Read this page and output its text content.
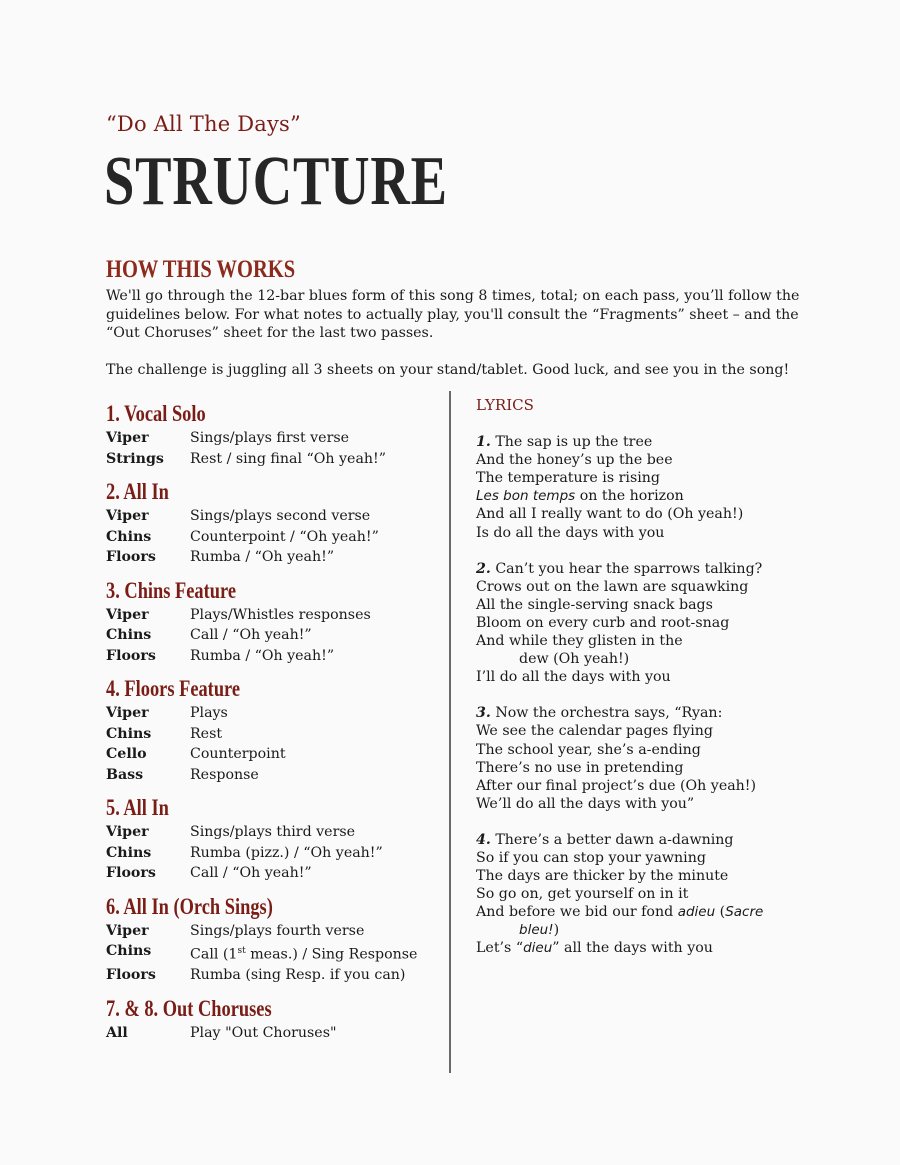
“Do All The Days”
STRUCTURE
HOW THIS WORKS

We'll go through the 12-bar blues form of this song 8 times, total; on each pass, you’ll follow the guidelines below. For what notes to actually play, you'll consult the “Fragments” sheet – and the “Out Choruses” sheet for the last two passes.

The challenge is juggling all 3 sheets on your stand/tablet. Good luck, and see you in the song!

1. Vocal Solo
Viper	Sings/plays first verse
Strings	Rest / sing final “Oh yeah!”
2. All In
Viper	Sings/plays second verse
Chins	Counterpoint / “Oh yeah!”
Floors	Rumba / “Oh yeah!”
3. Chins Feature
Viper	Plays/Whistles responses
Chins	Call / “Oh yeah!”
Floors	Rumba / “Oh yeah!”
4. Floors Feature
Viper	Plays
Chins	Rest
Cello	Counterpoint
Bass	Response
5. All In
Viper	Sings/plays third verse
Chins	Rumba (pizz.) / “Oh yeah!”
Floors	Call / “Oh yeah!”
6. All In (Orch Sings)
Viper	Sings/plays fourth verse
Chins	Call (1st meas.) / Sing Response
Floors	Rumba (sing Resp. if you can)
7. & 8. Out Choruses
All	Play "Out Choruses"
LYRICS
1. The sap is up the tree
And the honey’s up the bee
The temperature is rising
Les bon temps on the horizon
And all I really want to do (Oh yeah!)
Is do all the days with you
2. Can’t you hear the sparrows talking?
Crows out on the lawn are squawking
All the single-serving snack bags
Bloom on every curb and root-snag
And while they glisten in the
dew (Oh yeah!)
I’ll do all the days with you
3. Now the orchestra says, “Ryan:
We see the calendar pages flying
The school year, she’s a-ending
There’s no use in pretending
After our final project’s due (Oh yeah!)
We’ll do all the days with you”
4. There’s a better dawn a-dawning
So if you can stop your yawning
The days are thicker by the minute
So go on, get yourself on in it
And before we bid our fond adieu (Sacre
bleu!)
Let’s “dieu” all the days with you
